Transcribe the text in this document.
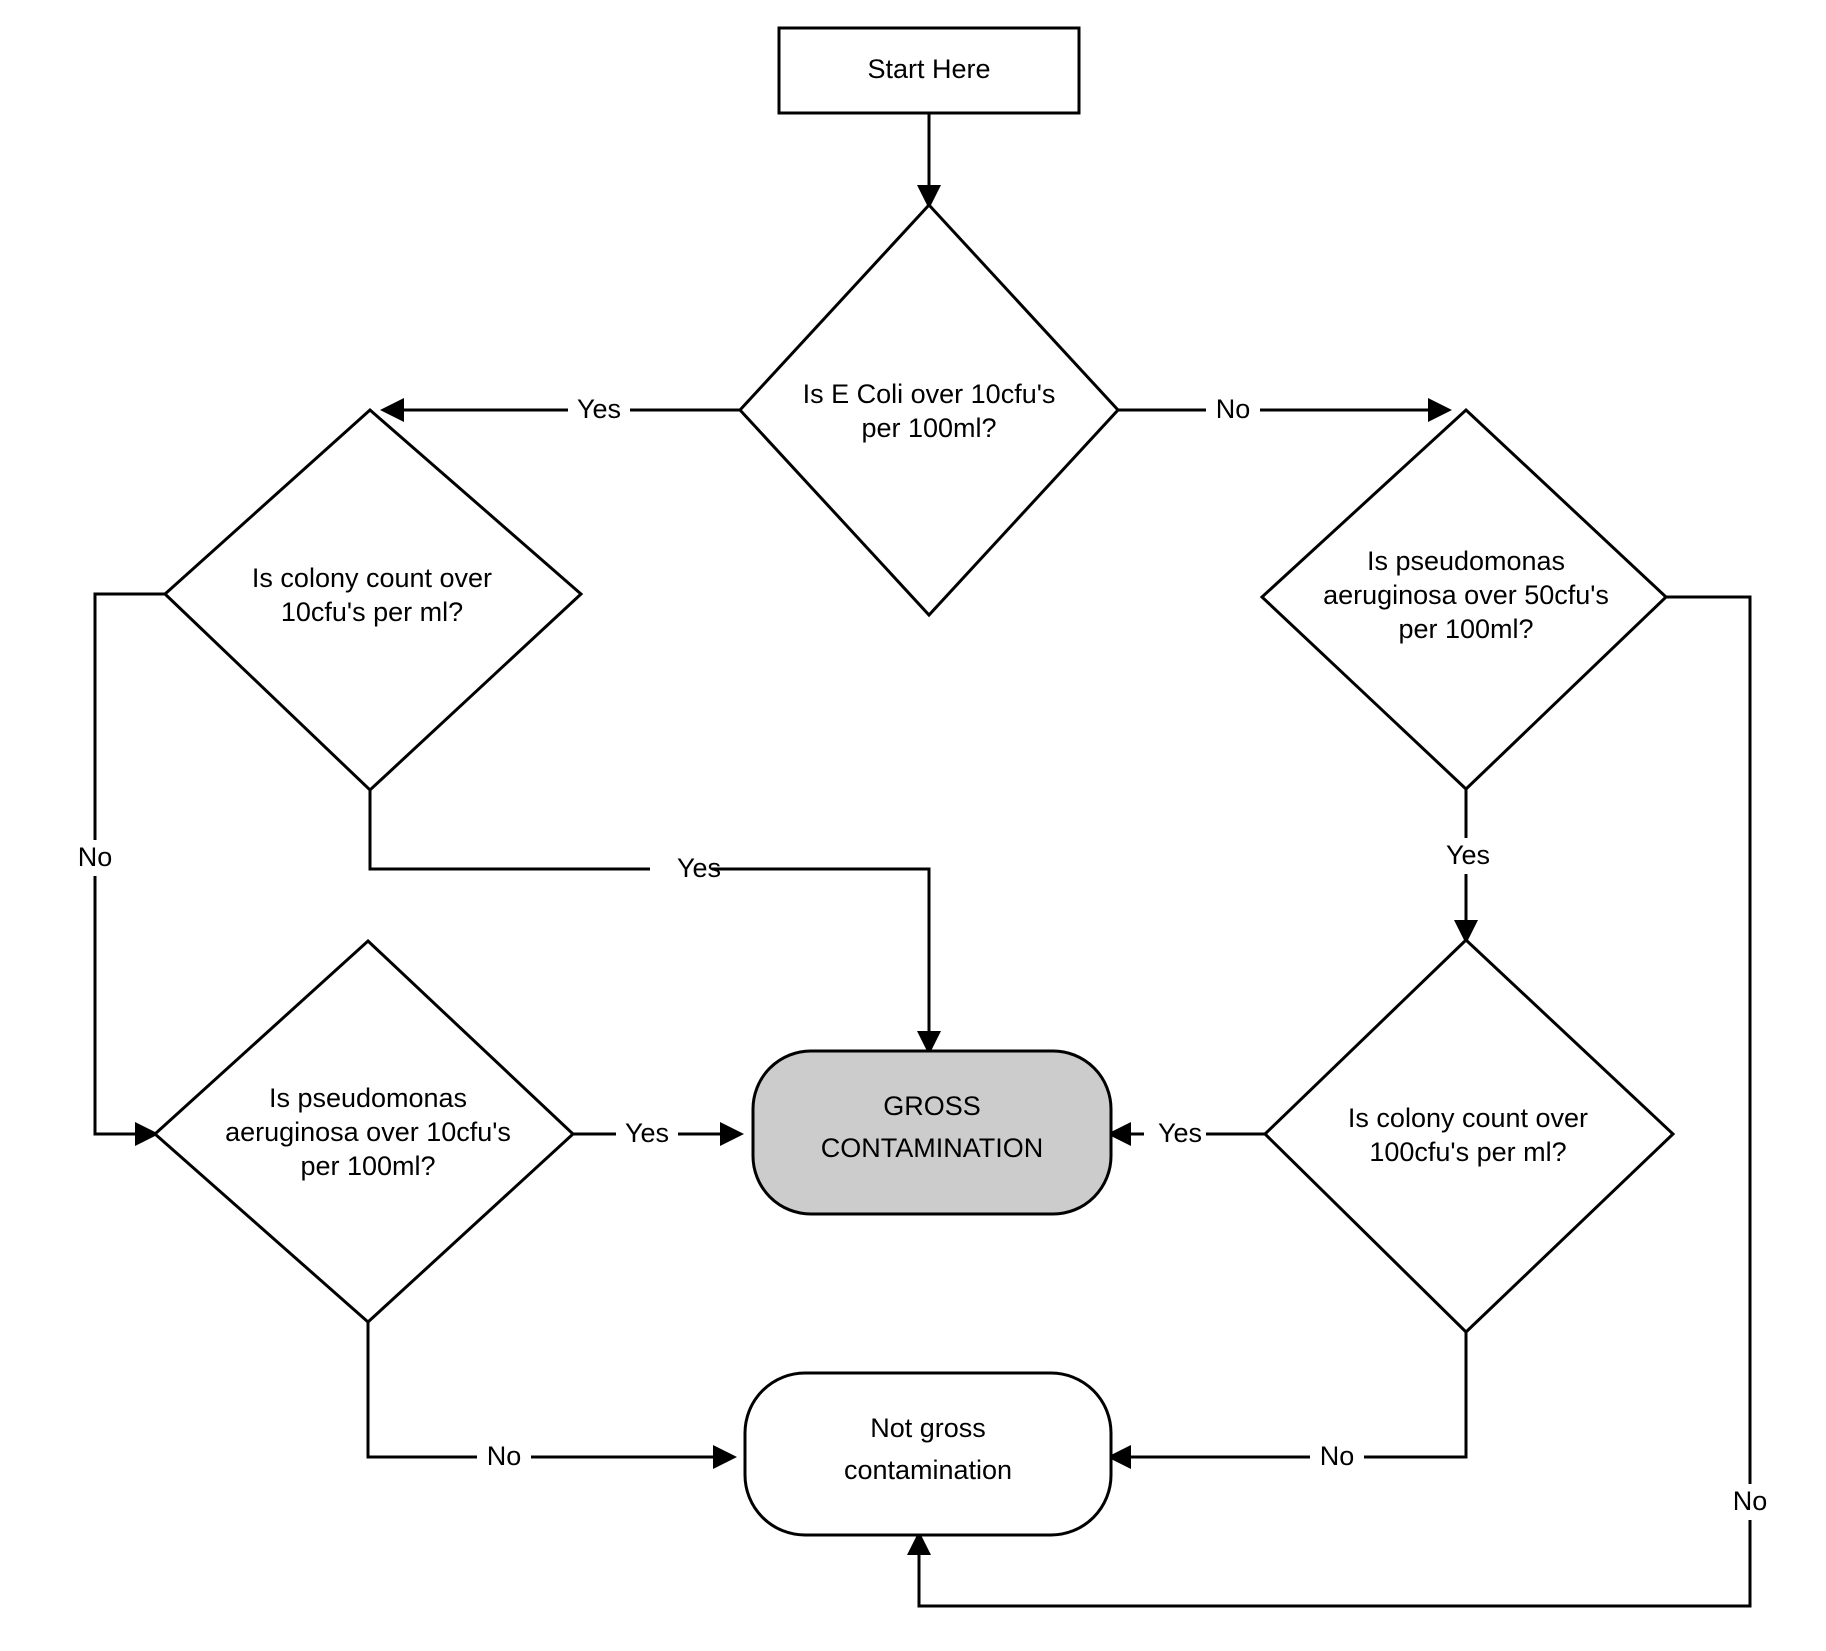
Yes	No
Yes
No
Yes
No
Yes
No
Yes
No
Start Here
Is E Coli over 10cfu's
per 100ml?
Is colony count over
10cfu's per ml?
Is pseudomonas
aeruginosa over 50cfu's
per 100ml?
Is pseudomonas
aeruginosa over 10cfu's
per 100ml?
Is colony count over
100cfu's per ml?
GROSS
CONTAMINATION
Not gross
contamination
